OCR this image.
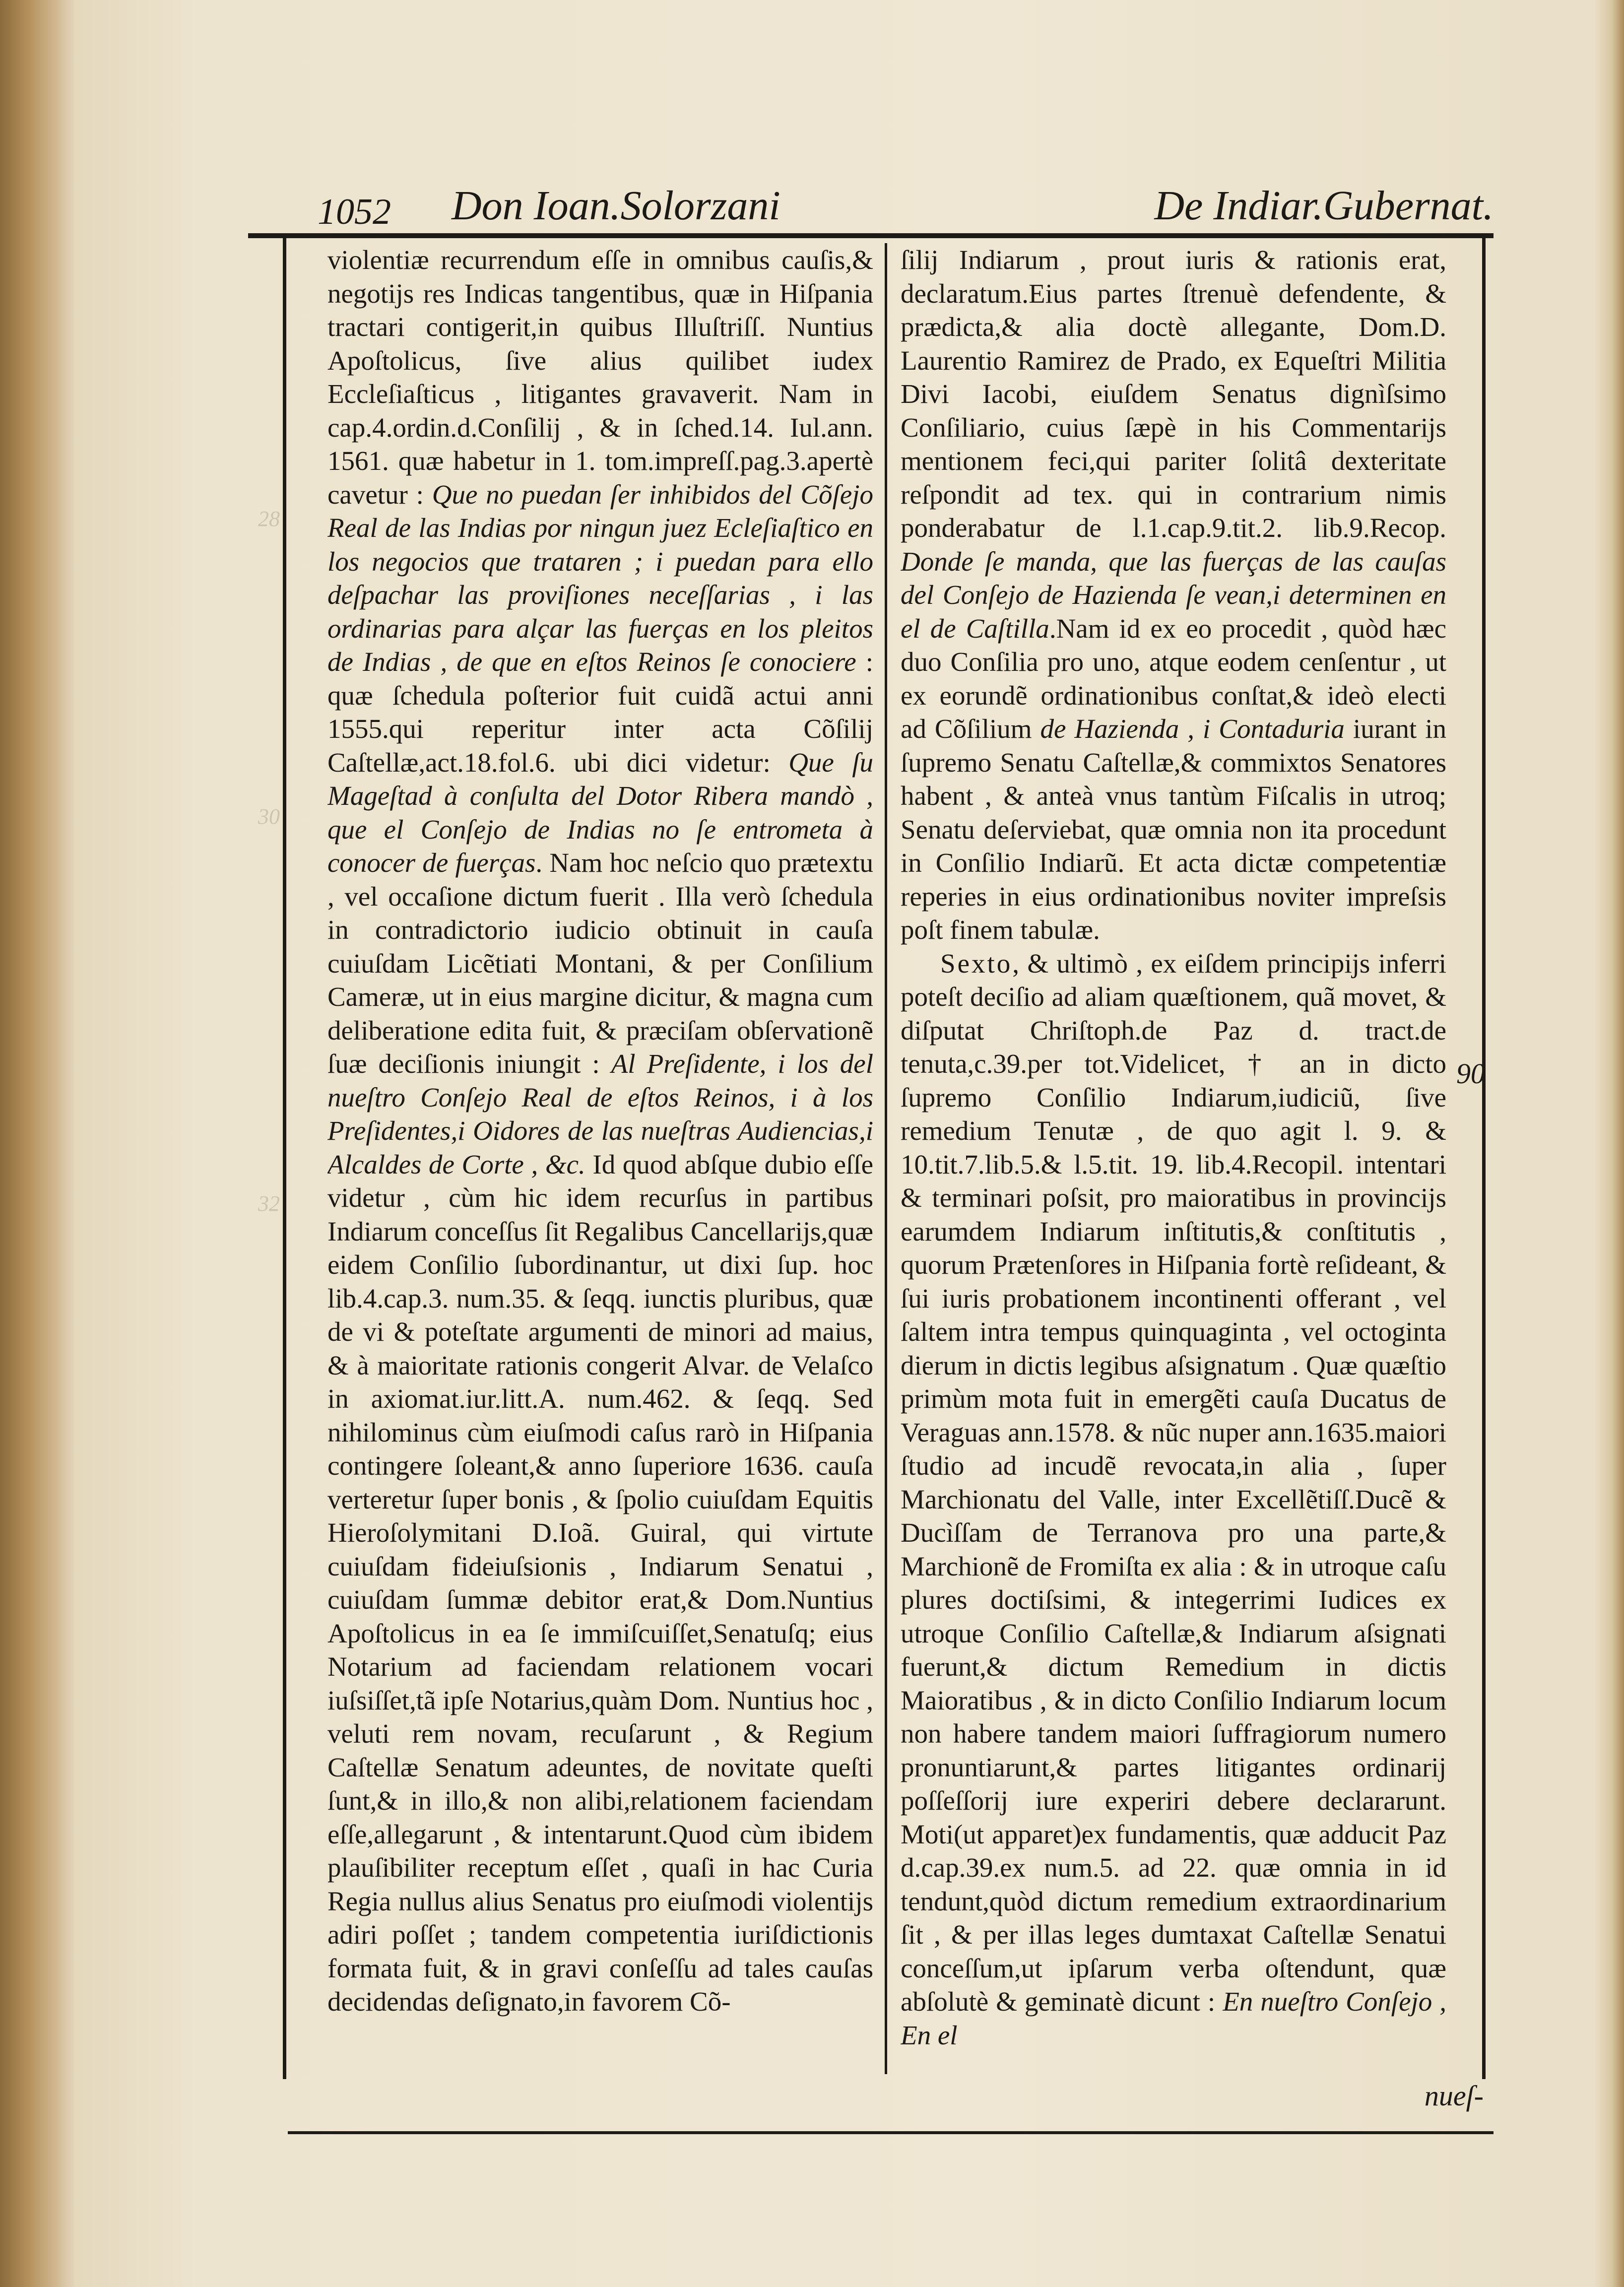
28
30
32
1052 Don Ioan.Solorzani	De Indiar.Gubernat.

violentiæ recurrendum eſſe in omnibus cauſis,& negotijs res Indicas tangentibus, quæ in Hiſpania tractari contigerit,in quibus Illuſtriſſ. Nuntius Apoſtolicus, ſive alius quilibet iudex Eccleſiaſticus , litigantes gravaverit. Nam in cap.4.ordin.d.Conſilij , & in ſched.14. Iul.ann. 1561. quæ habetur in 1. tom.impreſſ.pag.3.apertè cavetur : Que no puedan ſer inhibidos del Cõſejo Real de las Indias por ningun juez Ecleſiaſtico en los negocios que trataren ; i puedan para ello deſpachar las proviſiones neceſſarias , i las ordinarias para alçar las fuerças en los pleitos de Indias , de que en eſtos Reinos ſe conociere : quæ ſchedula poſterior fuit cuidã actui anni 1555.qui reperitur inter acta Cõſilij Caſtellæ,act.18.fol.6. ubi dici videtur: Que ſu Mageſtad à conſulta del Dotor Ribera mandò , que el Conſejo de Indias no ſe entrometa à conocer de fuerças. Nam hoc neſcio quo prætextu , vel occaſione dictum fuerit . Illa verò ſchedula in contradictorio iudicio obtinuit in cauſa cuiuſdam Licẽtiati Montani, & per Conſilium Cameræ, ut in eius margine dicitur, & magna cum deliberatione edita fuit, & præciſam obſervationẽ ſuæ deciſionis iniungit : Al Preſidente, i los del nueſtro Conſejo Real de eſtos Reinos, i à los Preſidentes,i Oidores de las nueſtras Audiencias,i Alcaldes de Corte , &c. Id quod abſque dubio eſſe videtur , cùm hic idem recurſus in partibus Indiarum conceſſus ſit Regalibus Cancellarijs,quæ eidem Conſilio ſubordinantur, ut dixi ſup. hoc lib.4.cap.3. num.35. & ſeqq. iunctis pluribus, quæ de vi & poteſtate argumenti de minori ad maius, & à maioritate rationis congerit Alvar. de Velaſco in axiomat.iur.litt.A. num.462. & ſeqq. Sed nihilominus cùm eiuſmodi caſus rarò in Hiſpania contingere ſoleant,& anno ſuperiore 1636. cauſa verteretur ſuper bonis , & ſpolio cuiuſdam Equitis Hieroſolymitani D.Ioã. Guiral, qui virtute cuiuſdam fideiuſsionis , Indiarum Senatui , cuiuſdam ſummæ debitor erat,& Dom.Nuntius Apoſtolicus in ea ſe immiſcuiſſet,Senatuſq; eius Notarium ad faciendam relationem vocari iuſsiſſet,tã ipſe Notarius,quàm Dom. Nuntius hoc , veluti rem novam, recuſarunt , & Regium Caſtellæ Senatum adeuntes, de novitate queſti ſunt,& in illo,& non alibi,relationem faciendam eſſe,allegarunt , & intentarunt.Quod cùm ibidem plauſibiliter receptum eſſet , quaſi in hac Curia Regia nullus alius Senatus pro eiuſmodi violentijs adiri poſſet ; tandem competentia iuriſdictionis formata fuit, & in gravi conſeſſu ad tales cauſas decidendas deſignato,in favorem Cõ-

ſilij Indiarum , prout iuris & rationis erat, declaratum.Eius partes ſtrenuè defendente, & prædicta,& alia doctè allegante, Dom.D. Laurentio Ramirez de Prado, ex Equeſtri Militia Divi Iacobi, eiuſdem Senatus dignìſsimo Conſiliario, cuius ſæpè in his Commentarijs mentionem feci,qui pariter ſolitâ dexteritate reſpondit ad tex. qui in contrarium nimis ponderabatur de l.1.cap.9.tit.2. lib.9.Recop. Donde ſe manda, que las fuerças de las cauſas del Conſejo de Hazienda ſe vean,i determinen en el de Caſtilla.Nam id ex eo procedit , quòd hæc duo Conſilia pro uno, atque eodem cenſentur , ut ex eorundẽ ordinationibus conſtat,& ideò electi ad Cõſilium de Hazienda , i Contaduria iurant in ſupremo Senatu Caſtellæ,& commixtos Senatores habent , & anteà vnus tantùm Fiſcalis in utroq; Senatu deſerviebat, quæ omnia non ita procedunt in Conſilio Indiarũ. Et acta dictæ competentiæ reperies in eius ordinationibus noviter impreſsis poſt finem tabulæ.

Sexto, & ultimò , ex eiſdem principijs inferri poteſt deciſio ad aliam quæſtionem, quã movet, & diſputat Chriſtoph.de Paz d. tract.de tenuta,c.39.per tot.Videlicet, † an in dicto ſupremo Conſilio Indiarum,iudiciũ, ſive remedium Tenutæ , de quo agit l. 9. & 10.tit.7.lib.5.& l.5.tit. 19. lib.4.Recopil. intentari & terminari poſsit, pro maioratibus in provincijs earumdem Indiarum inſtitutis,& conſtitutis , quorum Prætenſores in Hiſpania fortè reſideant, & ſui iuris probationem incontinenti offerant , vel ſaltem intra tempus quinquaginta , vel octoginta dierum in dictis legibus aſsignatum . Quæ quæſtio primùm mota fuit in emergẽti cauſa Ducatus de Veraguas ann.1578. & nũc nuper ann.1635.maiori ſtudio ad incudẽ revocata,in alia , ſuper Marchionatu del Valle, inter Excellẽtiſſ.Ducẽ & Ducìſſam de Terranova pro una parte,& Marchionẽ de Fromiſta ex alia : & in utroque caſu plures doctiſsimi, & integerrimi Iudices ex utroque Conſilio Caſtellæ,& Indiarum aſsignati fuerunt,& dictum Remedium in dictis Maioratibus , & in dicto Conſilio Indiarum locum non habere tandem maiori ſuffragiorum numero pronuntiarunt,& partes litigantes ordinarij poſſeſſorij iure experiri debere declararunt. Moti(ut apparet)ex fundamentis, quæ adducit Paz d.cap.39.ex num.5. ad 22. quæ omnia in id tendunt,quòd dictum remedium extraordinarium ſit , & per illas leges dumtaxat Caſtellæ Senatui conceſſum,ut ipſarum verba oſtendunt, quæ abſolutè & geminatè dicunt : En nueſtro Conſejo , En el

90
nueſ-
